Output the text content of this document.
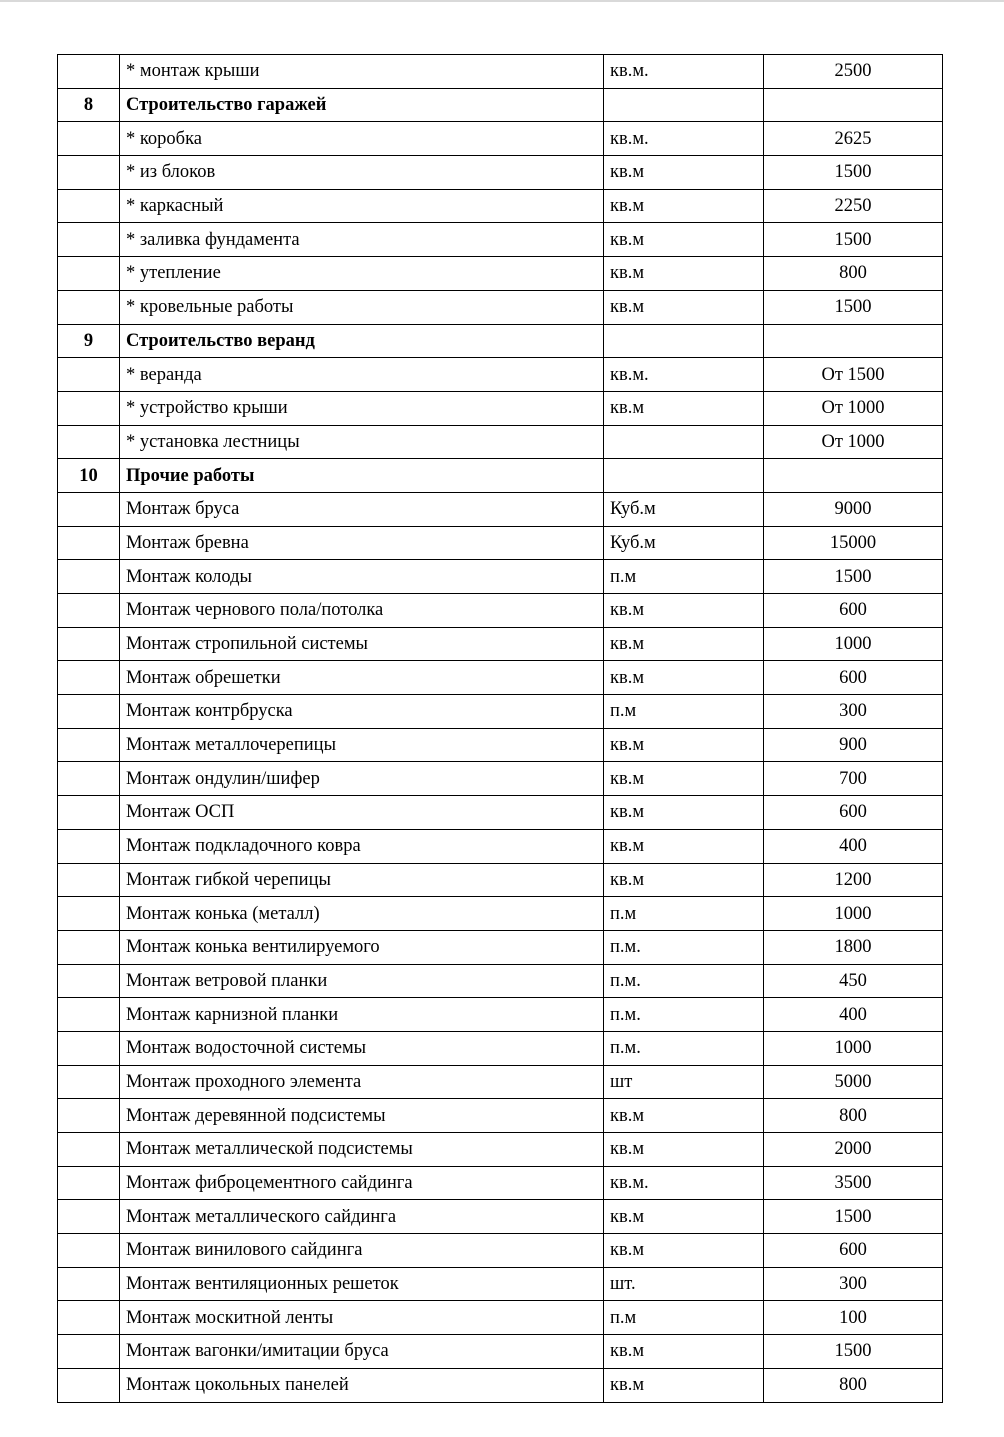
	* монтаж крыши	кв.м.	2500
8	Строительство гаражей		
	* коробка	кв.м.	2625
	* из блоков	кв.м	1500
	* каркасный	кв.м	2250
	* заливка фундамента	кв.м	1500
	* утепление	кв.м	800
	* кровельные работы	кв.м	1500
9	Строительство веранд		
	* веранда	кв.м.	От 1500
	* устройство крыши	кв.м	От 1000
	* установка лестницы		От 1000
10	Прочие работы		
	Монтаж бруса	Куб.м	9000
	Монтаж бревна	Куб.м	15000
	Монтаж колоды	п.м	1500
	Монтаж чернового пола/потолка	кв.м	600
	Монтаж стропильной системы	кв.м	1000
	Монтаж обрешетки	кв.м	600
	Монтаж контрбруска	п.м	300
	Монтаж металлочерепицы	кв.м	900
	Монтаж ондулин/шифер	кв.м	700
	Монтаж ОСП	кв.м	600
	Монтаж подкладочного ковра	кв.м	400
	Монтаж гибкой черепицы	кв.м	1200
	Монтаж конька (металл)	п.м	1000
	Монтаж конька вентилируемого	п.м.	1800
	Монтаж ветровой планки	п.м.	450
	Монтаж карнизной планки	п.м.	400
	Монтаж водосточной системы	п.м.	1000
	Монтаж проходного элемента	шт	5000
	Монтаж деревянной подсистемы	кв.м	800
	Монтаж металлической подсистемы	кв.м	2000
	Монтаж фиброцементного сайдинга	кв.м.	3500
	Монтаж металлического сайдинга	кв.м	1500
	Монтаж винилового сайдинга	кв.м	600
	Монтаж вентиляционных решеток	шт.	300
	Монтаж москитной ленты	п.м	100
	Монтаж вагонки/имитации бруса	кв.м	1500
	Монтаж цокольных панелей	кв.м	800
